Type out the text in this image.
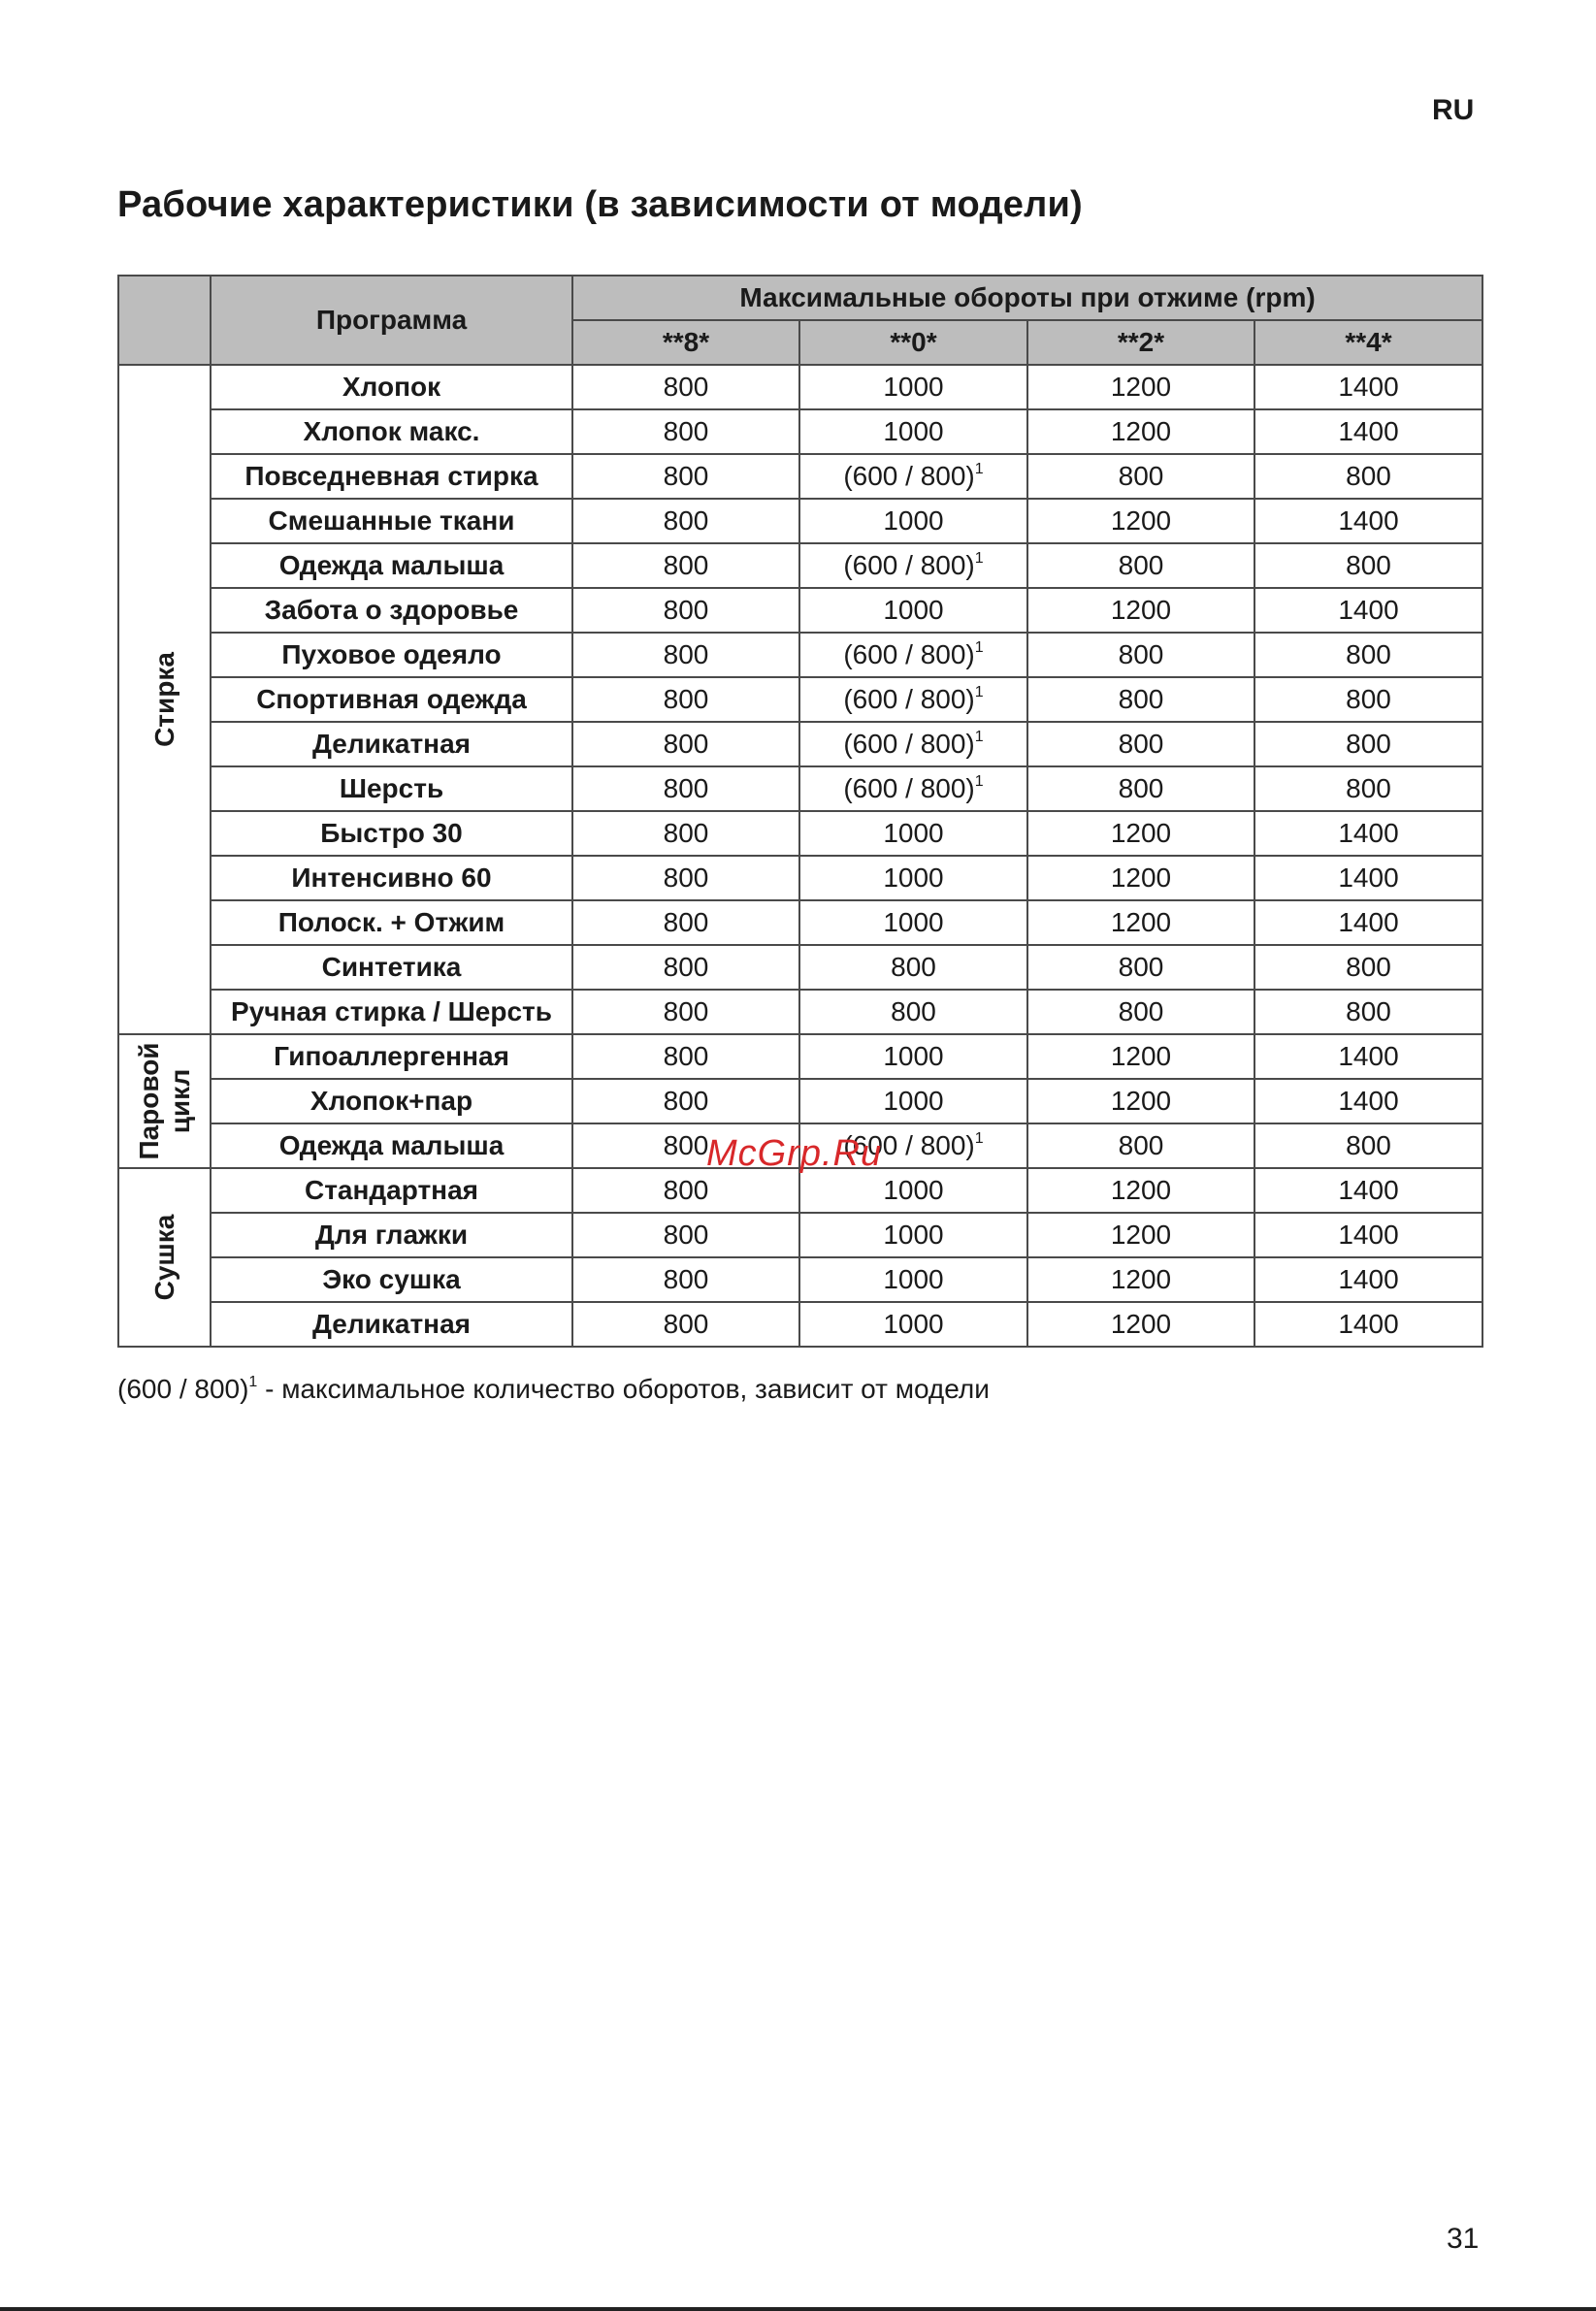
RU
Рабочие характеристики (в зависимости от модели)
	Программа	Максимальные обороты при отжиме (rpm)			
		**8*	**0*	**2*	**4*

Стирка	Хлопок	800	1000	1200	1400
	Хлопок макс.	800	1000	1200	1400
	Повседневная стирка	800	(600 / 800)$^1$	800	800
	Смешанные ткани	800	1000	1200	1400
	Одежда малыша	800	(600 / 800)$^1$	800	800
	Забота о здоровье	800	1000	1200	1400
	Пуховое одеяло	800	(600 / 800)$^1$	800	800
	Спортивная одежда	800	(600 / 800)$^1$	800	800
	Деликатная	800	(600 / 800)$^1$	800	800
	Шерсть	800	(600 / 800)$^1$	800	800
	Быстро 30	800	1000	1200	1400
	Интенсивно 60	800	1000	1200	1400
	Полоск. + Отжим	800	1000	1200	1400
	Синтетика	800	800	800	800
	Ручная стирка / Шерсть	800	800	800	800

Паровой цикл	Гипоаллергенная	800	1000	1200	1400
	Хлопок+пар	800	1000	1200	1400
	Одежда малыша	800	(600 / 800)$^1$	800	800

Сушка	Стандартная	800	1000	1200	1400
	Для глажки	800	1000	1200	1400
	Эко сушка	800	1000	1200	1400
	Деликатная	800	1000	1200	1400
(600 / 800)$^1$ - максимальное количество оборотов, зависит от модели
McGrp.Ru
31
